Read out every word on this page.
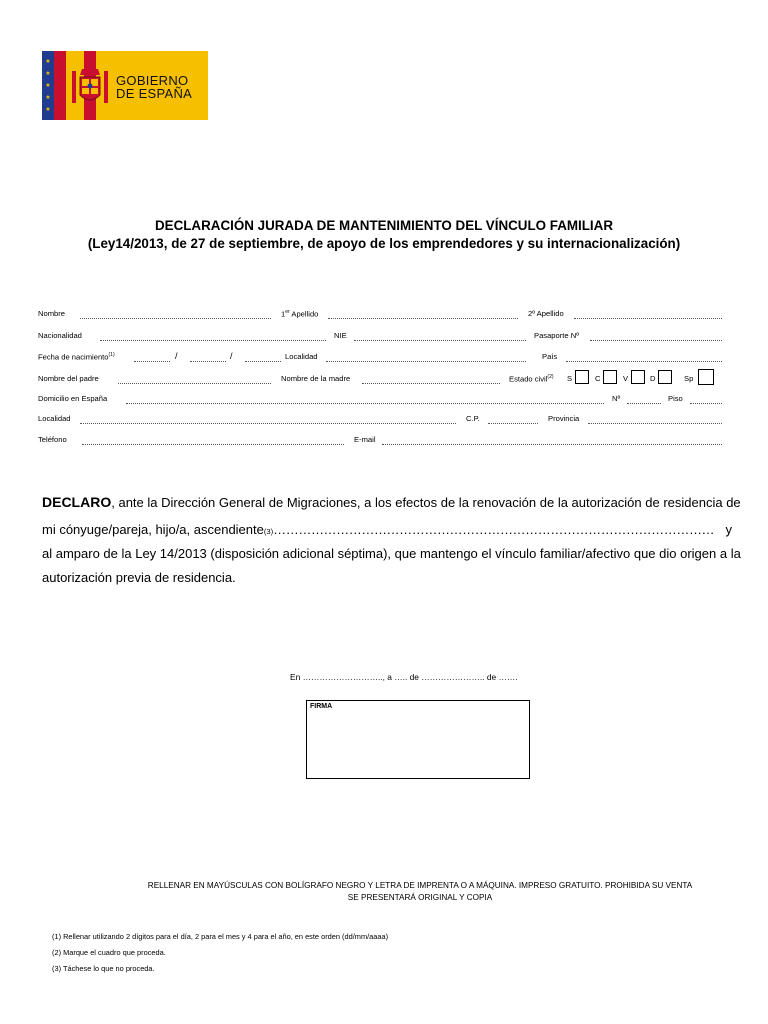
★
★
★
★
★
GOBIERNO
DE ESPAÑA
DECLARACIÓN JURADA DE MANTENIMIENTO DEL VÍNCULO FAMILIAR
(Ley14/2013, de 27 de septiembre, de apoyo de los emprendedores y su internacionalización)
Nombre	1er Apellido	2º Apellido
Nacionalidad	NIE	Pasaporte Nº
Fecha de nacimiento$^{(1)}$	/	/	Localidad	País
Nombre del padre	Nombre de la madre	Estado civil$^{(2)}$ S	C	V	D	Sp
Domicilio en España	Nº	Piso
Localidad	C.P.	Provincia
Teléfono	E-mail
DECLARO, ante la Dirección General de Migraciones, a los efectos de la renovación de la autorización de residencia de
mi cónyuge/pareja, hijo/a, ascendiente(3)…………………………………………………………………………………………… y
al amparo de la Ley 14/2013 (disposición adicional séptima), que mantengo el vínculo familiar/afectivo que dio origen a la
autorización previa de residencia.
En ……………………….., a ….. de ………………….. de …….
FIRMA
RELLENAR EN MAYÚSCULAS CON BOLÍGRAFO NEGRO Y LETRA DE IMPRENTA O A MÁQUINA. IMPRESO GRATUITO. PROHIBIDA SU VENTA
SE PRESENTARÁ ORIGINAL Y COPIA
(1) Rellenar utilizando 2 dígitos para el día, 2 para el mes y 4 para el año, en este orden (dd/mm/aaaa)
(2) Marque el cuadro que proceda.
(3) Táchese lo que no proceda.
